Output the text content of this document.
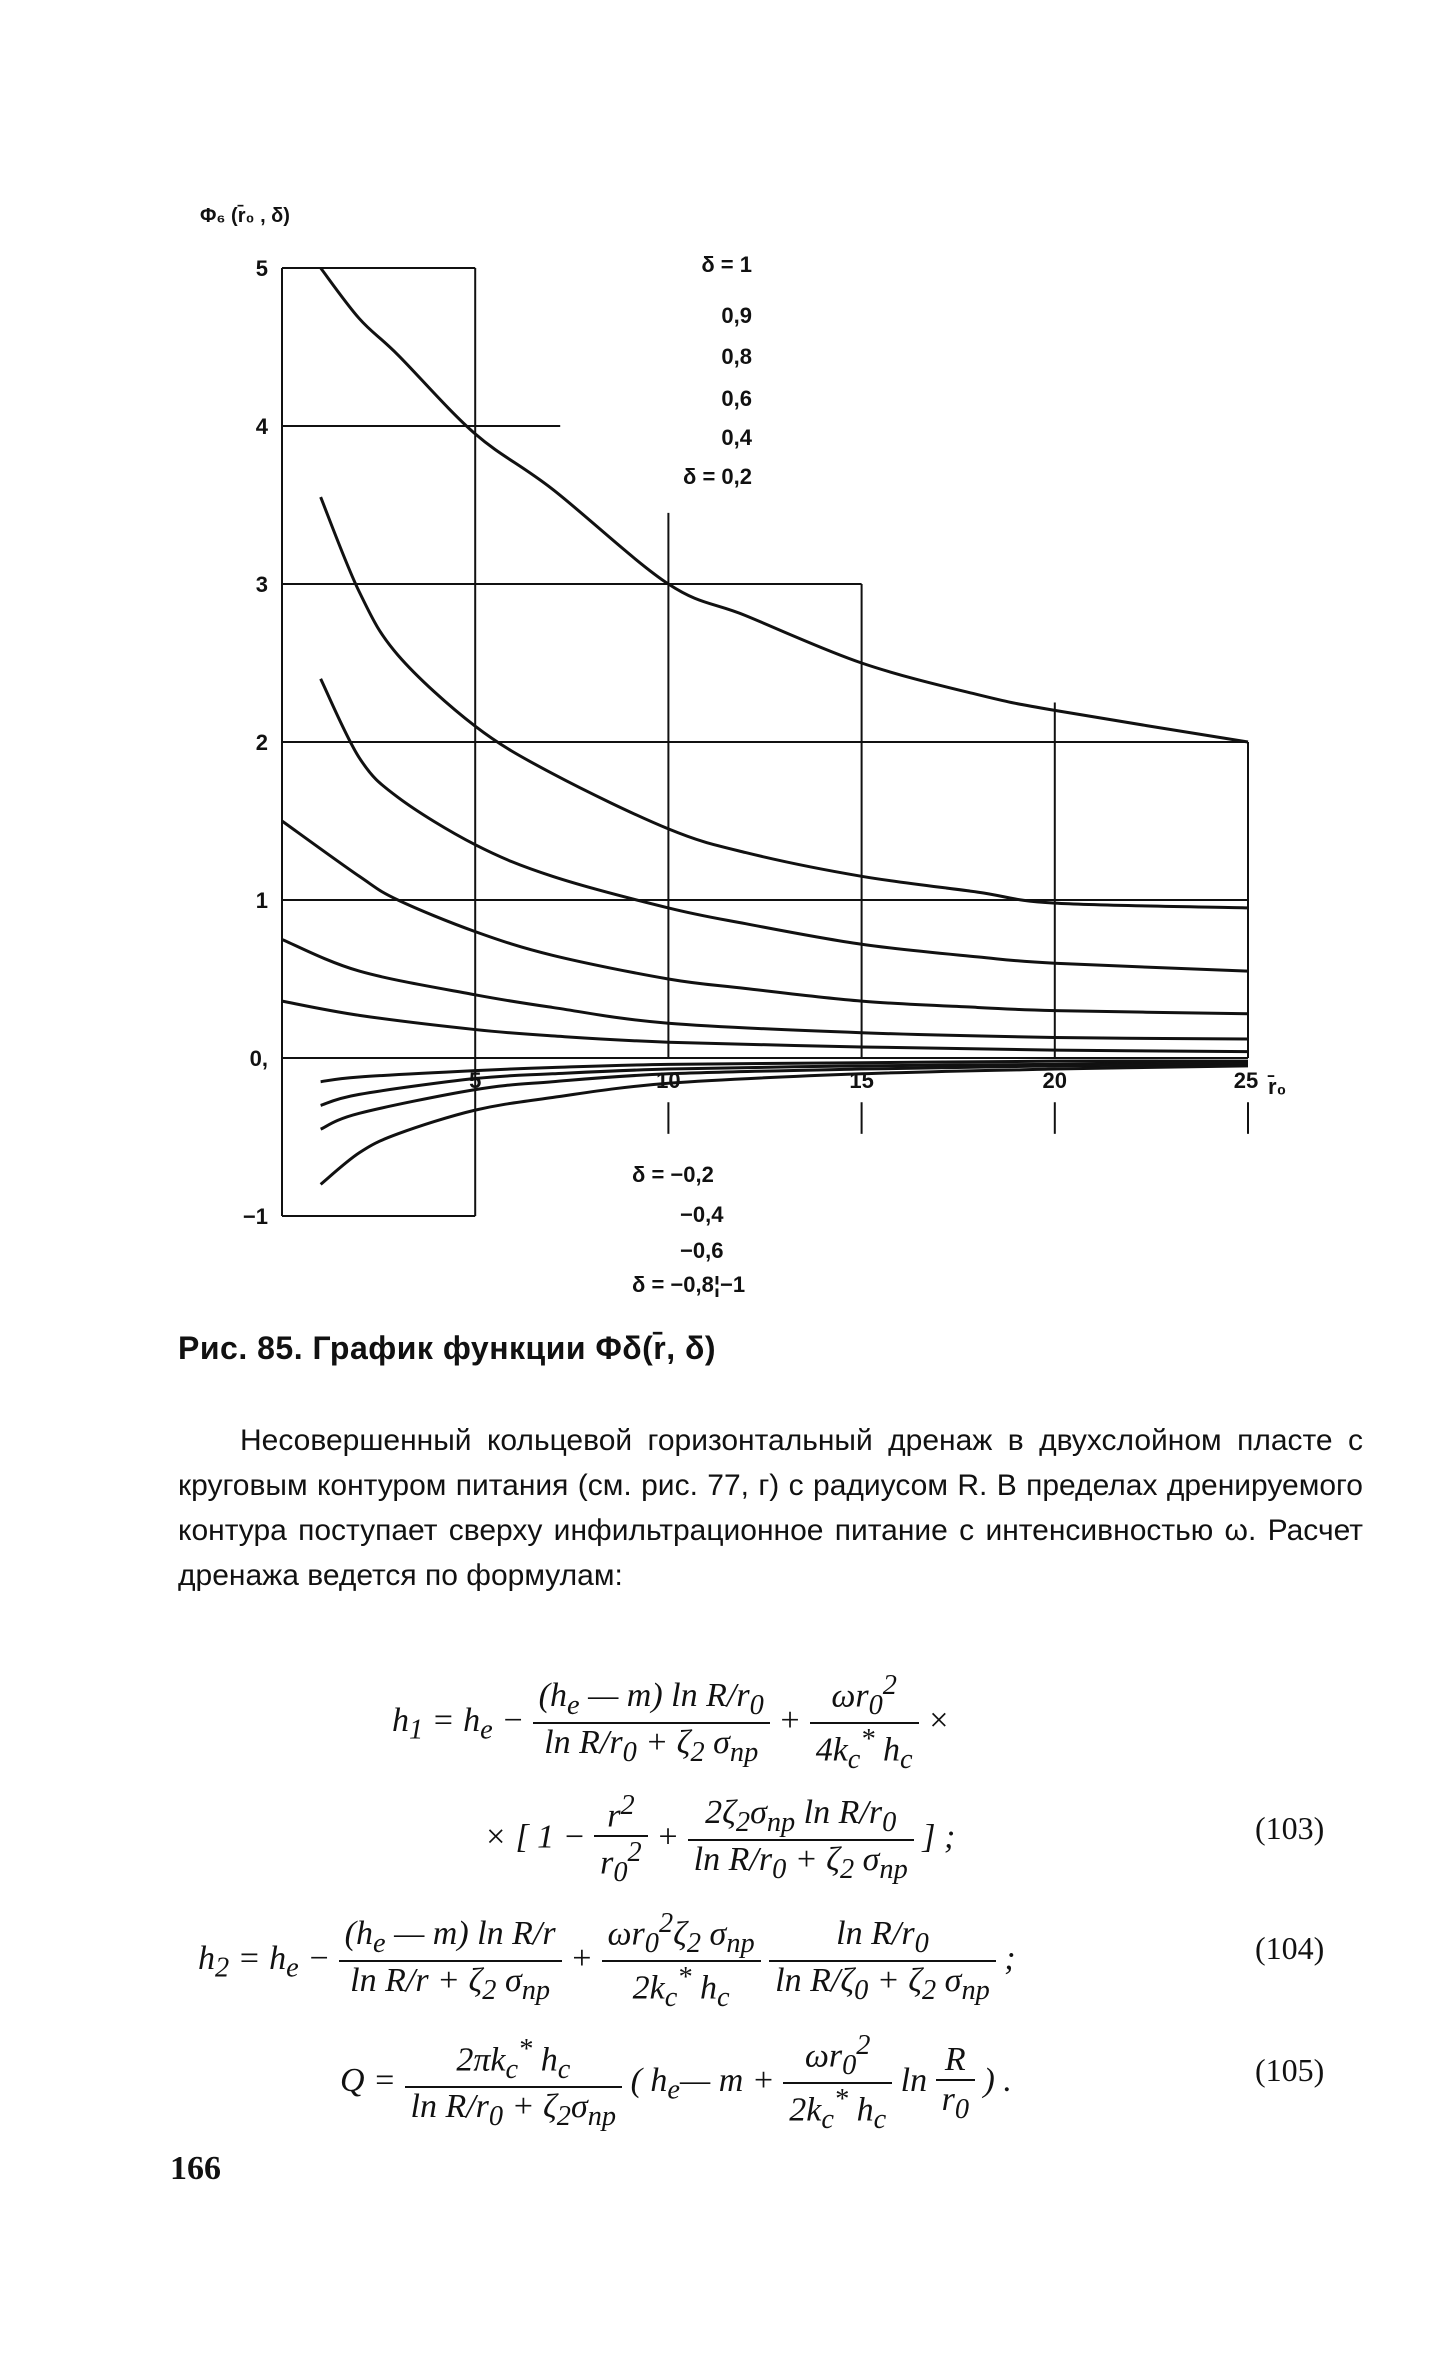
5
4
3
2
1
0,
−1
5	10	15	20	25
Φ₆ (r̄₀ , δ)
r̄₀
δ = 1
0,9
0,8
0,6
0,4
δ = 0,2
δ = −0,2
−0,4
−0,6
δ = −0,8¦−1
Рис. 85. График функции Φδ(r̄, δ)
Несовершенный кольцевой горизонтальный дренаж в двухслойном пласте с круговым контуром питания (см. рис. 77, г) с радиусом R. В пределах дренируемого контура поступает сверху инфильтрационное питание с интенсивностью ω. Расчет дренажа ведется по формулам:
$h_1 = h_e - \frac{(h_e — m) \ln R/r_0}{\ln R/r_0 + \zeta_2 \sigma_{пр}} + \frac{\omega r_0^2}{4k_c^* h_c}$ ×
× [ $1 - \frac{r^2}{r_0^2} + \frac{2\zeta_2\sigma_{пр} \ln R/r_0}{\ln R/r_0 + \zeta_2 \sigma_{пр}}$ ] ;	(103)
$h_2 = h_e - \frac{(h_e — m) \ln R/r}{\ln R/r + \zeta_2 \sigma_{пр}} + \frac{\omega r_0^2\zeta_2 \sigma_{пр}}{2k_c^* h_c}$
$\frac{\ln R/r_0}{\ln R/\zeta_0 + \zeta_2 \sigma_{пр}}$ ;	(104)
$Q = \frac{2\pi k_c^* h_c}{\ln R/r_0 + \zeta_2\sigma_{пр}}$ ( $h_e—$ $m + \frac{\omega r_0^2}{2k_c^* h_c}$ $\ln \frac{R}{r_0}$ ) .	(105)
166
